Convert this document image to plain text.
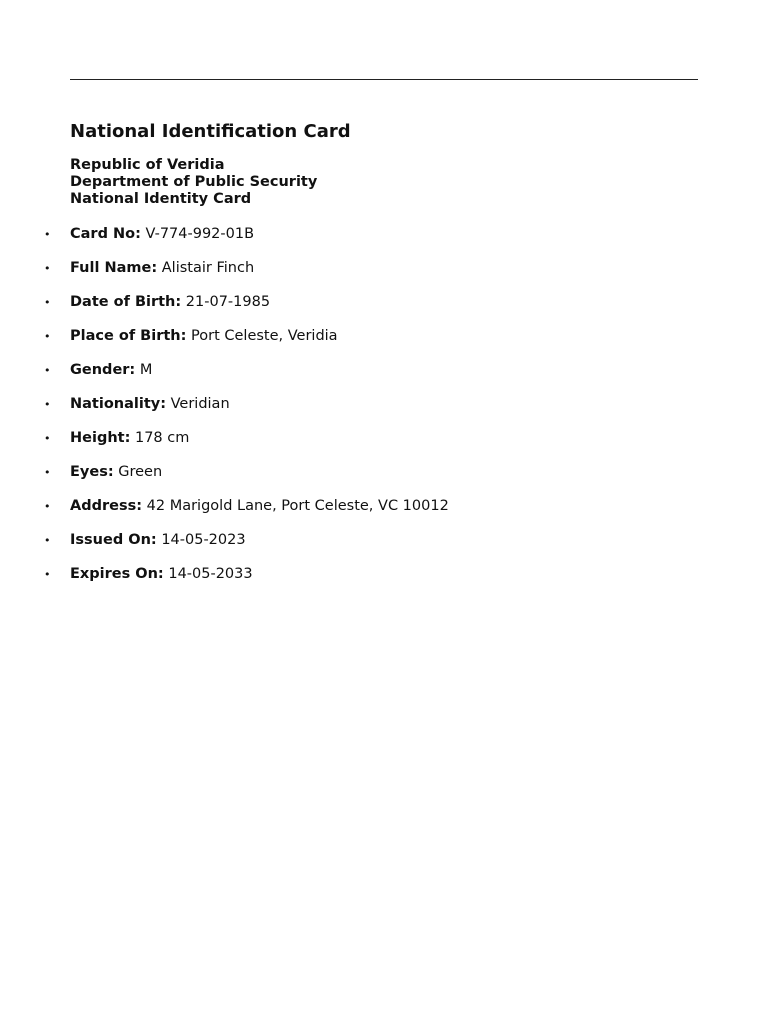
National Identification Card
Republic of Veridia
Department of Public Security
National Identity Card
• Card No: V-774-992-01B
• Full Name: Alistair Finch
• Date of Birth: 21-07-1985
• Place of Birth: Port Celeste, Veridia
• Gender: M
• Nationality: Veridian
• Height: 178 cm
• Eyes: Green
• Address: 42 Marigold Lane, Port Celeste, VC 10012
• Issued On: 14-05-2023
• Expires On: 14-05-2033
